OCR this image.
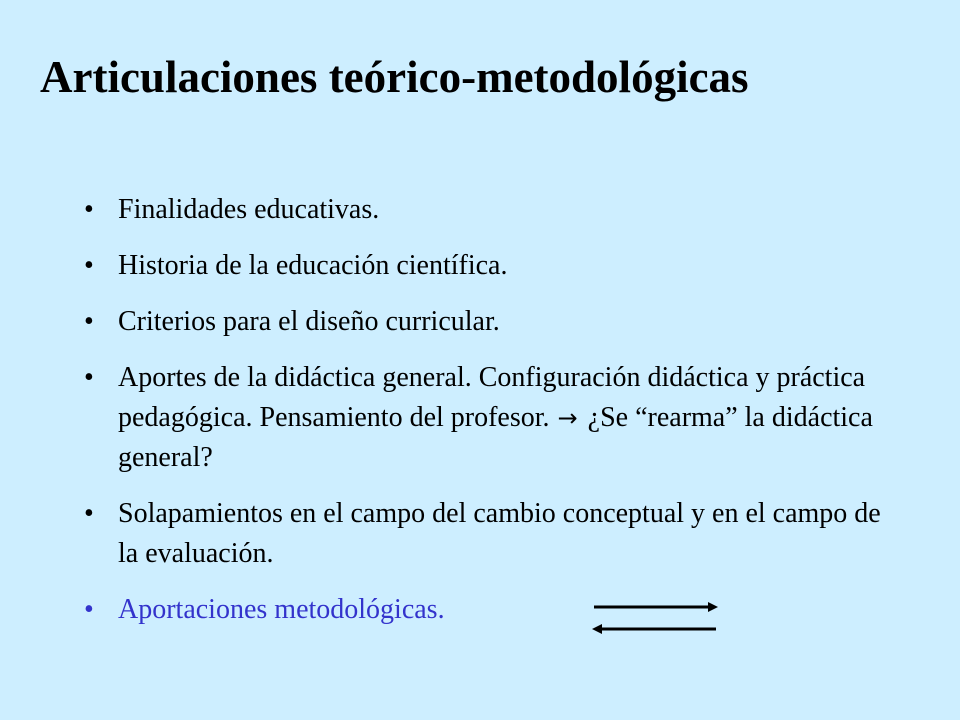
Articulaciones teórico-metodológicas
• Finalidades educativas.
• Historia de la educación científica.
• Criterios para el diseño curricular.
• Aportes de la didáctica general. Configuración didáctica y práctica pedagógica. Pensamiento del profesor. → ¿Se “rearma” la didáctica general?
• Solapamientos en el campo del cambio conceptual y en el campo de la evaluación.
• Aportaciones metodológicas.
